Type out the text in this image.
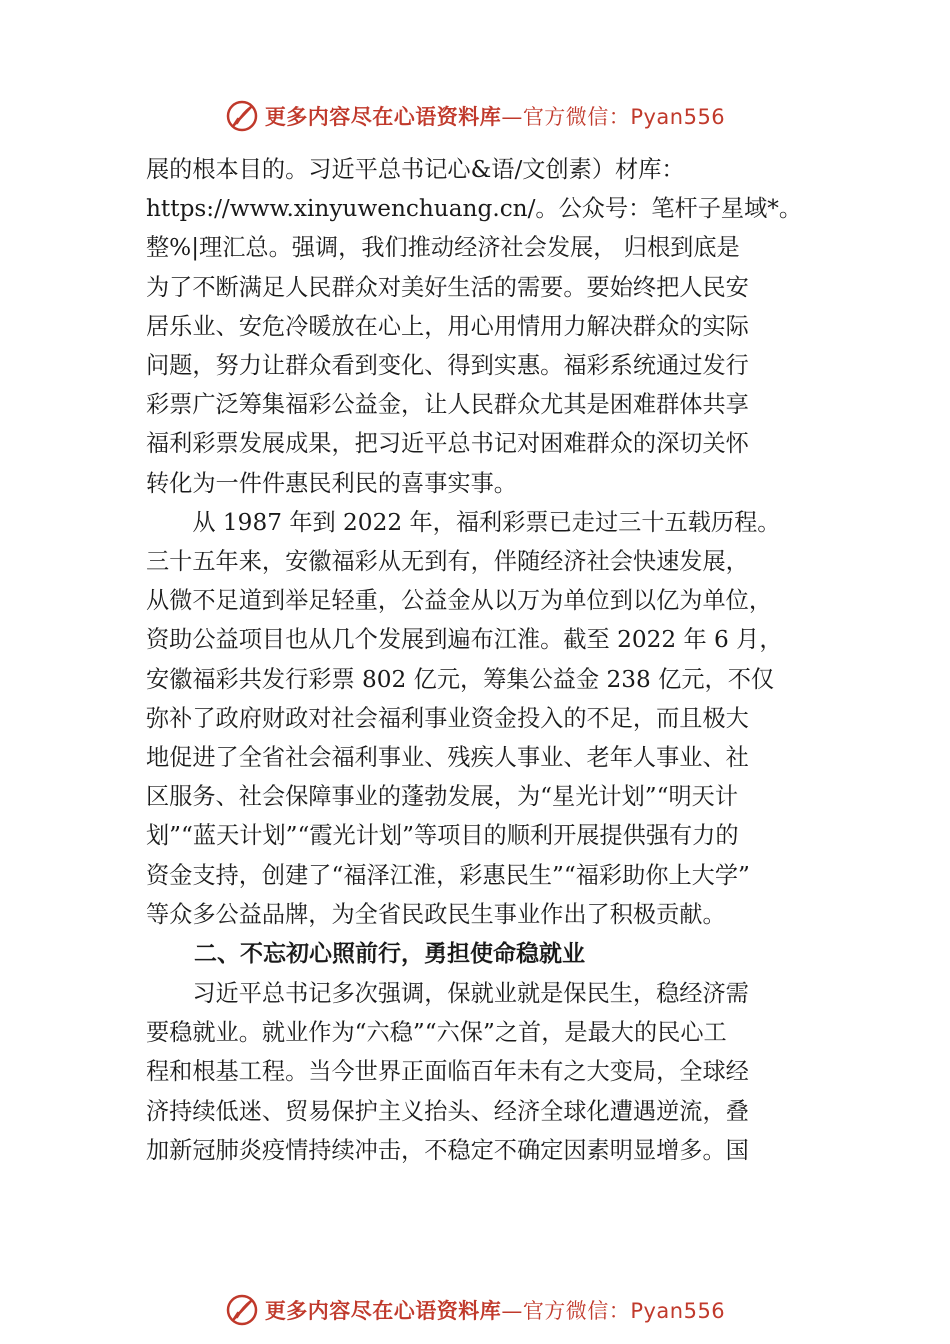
更多内容尽在心语资料库—官方微信：Pyan556

展的根本目的。习近平总书记心&语/文创素）材库：
https://www.xinyuwenchuang.cn/。公众号：笔杆子星域*。
整%|理汇总。强调，我们推动经济社会发展， 归根到底是
为了不断满足人民群众对美好生活的需要。要始终把人民安
居乐业、安危冷暖放在心上，用心用情用力解决群众的实际
问题，努力让群众看到变化、得到实惠。福彩系统通过发行
彩票广泛筹集福彩公益金，让人民群众尤其是困难群体共享
福利彩票发展成果，把习近平总书记对困难群众的深切关怀
转化为一件件惠民利民的喜事实事。

　　从 1987 年到 2022 年，福利彩票已走过三十五载历程。
三十五年来，安徽福彩从无到有，伴随经济社会快速发展，
从微不足道到举足轻重，公益金从以万为单位到以亿为单位，
资助公益项目也从几个发展到遍布江淮。截至 2022 年 6 月，
安徽福彩共发行彩票 802 亿元，筹集公益金 238 亿元，不仅
弥补了政府财政对社会福利事业资金投入的不足，而且极大
地促进了全省社会福利事业、残疾人事业、老年人事业、社
区服务、社会保障事业的蓬勃发展，为“星光计划”“明天计
划”“蓝天计划”“霞光计划”等项目的顺利开展提供强有力的
资金支持，创建了“福泽江淮，彩惠民生”“福彩助你上大学”
等众多公益品牌，为全省民政民生事业作出了积极贡献。

二、不忘初心照前行，勇担使命稳就业

　　习近平总书记多次强调，保就业就是保民生，稳经济需
要稳就业。就业作为“六稳”“六保”之首，是最大的民心工
程和根基工程。当今世界正面临百年未有之大变局，全球经
济持续低迷、贸易保护主义抬头、经济全球化遭遇逆流，叠
加新冠肺炎疫情持续冲击，不稳定不确定因素明显增多。国

更多内容尽在心语资料库—官方微信：Pyan556
